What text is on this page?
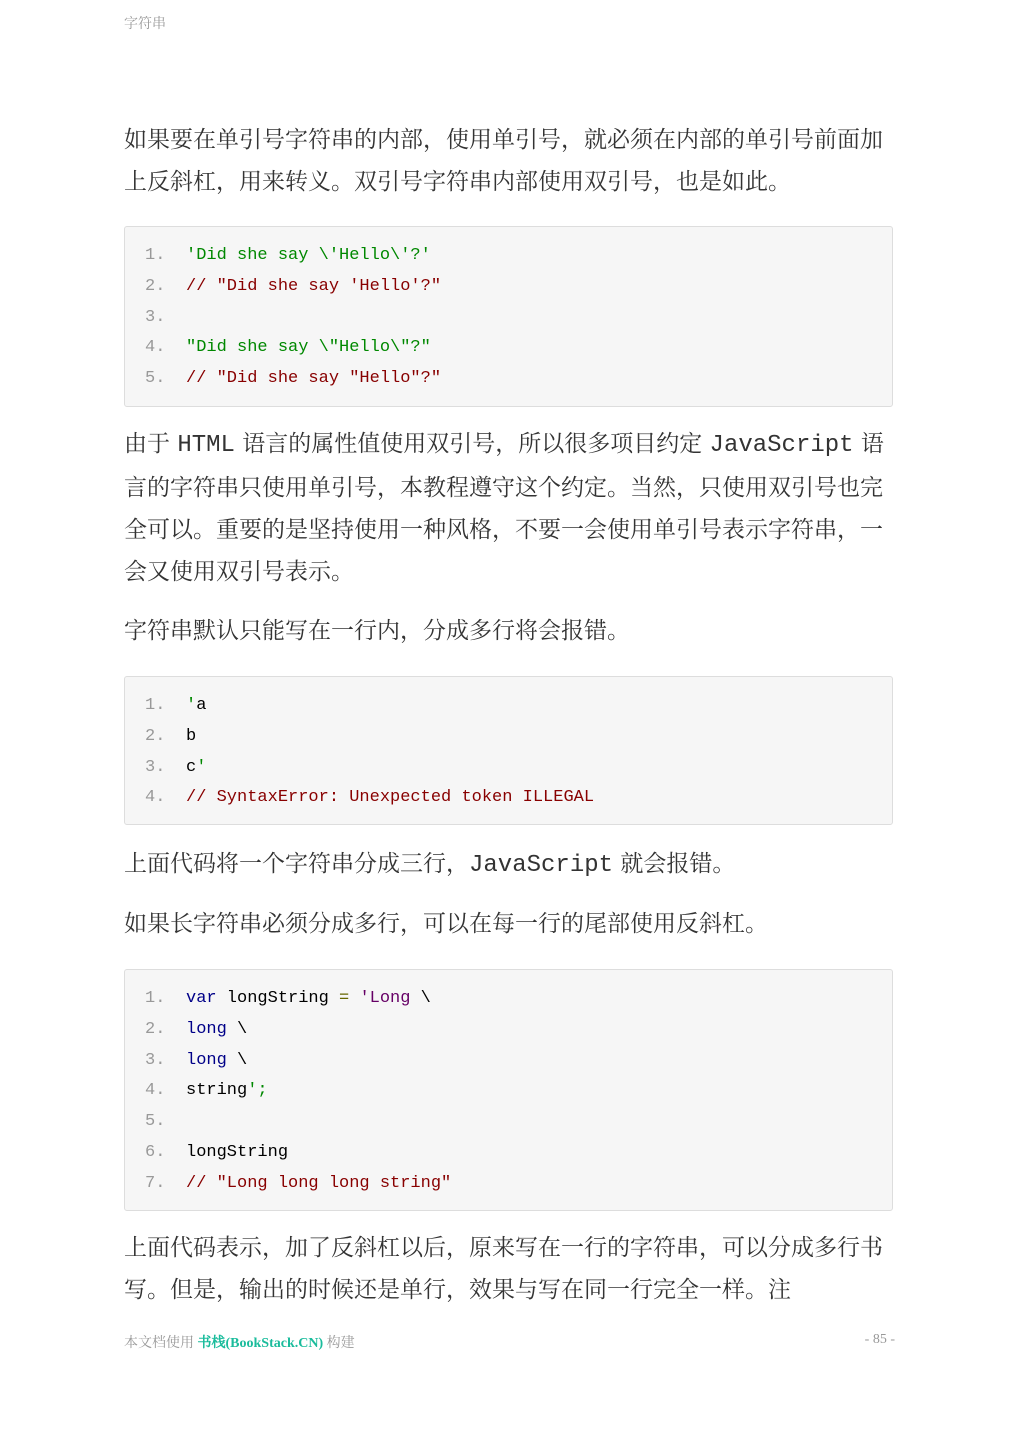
字符串
如果要在单引号字符串的内部，使用单引号，就必须在内部的单引号前面加上反斜杠，用来转义。双引号字符串内部使用双引号，也是如此。
1. 'Did she say \'Hello\'?'
2. // "Did she say 'Hello'?"
3.
4. "Did she say \"Hello\"?"
5. // "Did she say "Hello"?"
由于 HTML 语言的属性值使用双引号，所以很多项目约定 JavaScript 语言的字符串只使用单引号，本教程遵守这个约定。当然，只使用双引号也完全可以。重要的是坚持使用一种风格，不要一会使用单引号表示字符串，一会又使用双引号表示。
字符串默认只能写在一行内，分成多行将会报错。
1. 'a
2. b
3. c'
4. // SyntaxError: Unexpected token ILLEGAL
上面代码将一个字符串分成三行，JavaScript 就会报错。
如果长字符串必须分成多行，可以在每一行的尾部使用反斜杠。
1. var longString = 'Long \
2. long \
3. long \
4. string';
5.
6. longString
7. // "Long long long string"
上面代码表示，加了反斜杠以后，原来写在一行的字符串，可以分成多行书写。但是，输出的时候还是单行，效果与写在同一行完全一样。注
本文档使用 书栈(BookStack.CN) 构建	- 85 -
